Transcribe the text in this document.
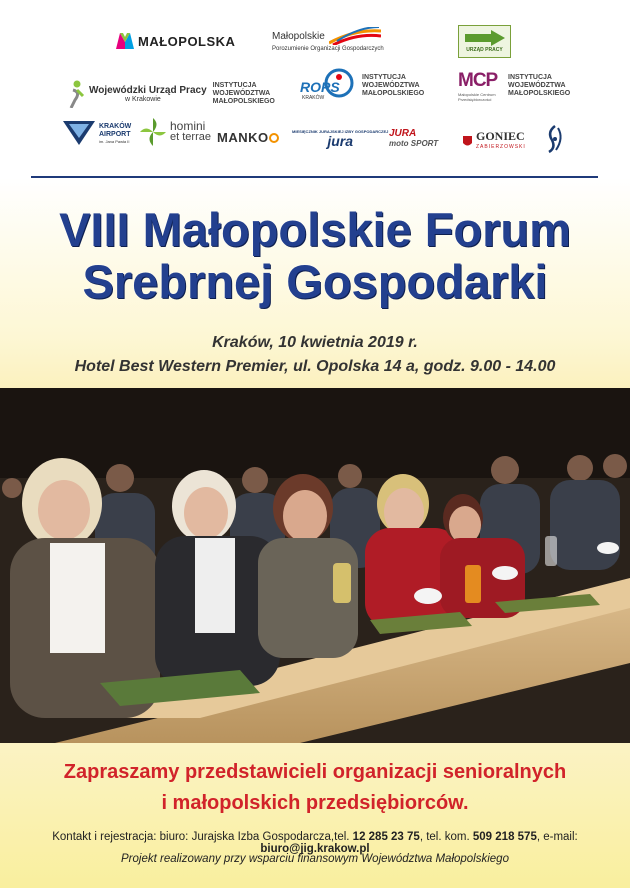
MAŁOPOLSKA	Małopolskie
Porozumienie Organizacji Gospodarczych	URZĄD PRACY
Wojewódzki Urząd Pracy
w Krakowie
INSTYTUCJA WOJEWÓDZTWA MAŁOPOLSKIEGO
ROPS
KRAKÓW
INSTYTUCJA WOJEWÓDZTWA MAŁOPOLSKIEGO
MCP
Małopolskie Centrum Przedsiębiorczości
INSTYTUCJA WOJEWÓDZTWA MAŁOPOLSKIEGO
KRAKÓW AIRPORT
im. Jana Pawła II
homini
et terrae MANKO	MIESIĘCZNIK JURAJSKIEJ IZBY GOSPODARCZEJ
jura	JURA
moto SPORT
GONIEC
ZABIERZOWSKI
VIII Małopolskie Forum
Srebrnej Gospodarki
Kraków, 10 kwietnia 2019 r.
Hotel Best Western Premier, ul. Opolska 14 a, godz. 9.00 - 14.00
Zapraszamy przedstawicieli organizacji senioralnych
i małopolskich przedsiębiorców.
Kontakt i rejestracja: biuro: Jurajska Izba Gospodarcza,tel. 12 285 23 75, tel. kom. 509 218 575, e-mail: biuro@jig.krakow.pl
Projekt realizowany przy wsparciu finansowym Województwa Małopolskiego
